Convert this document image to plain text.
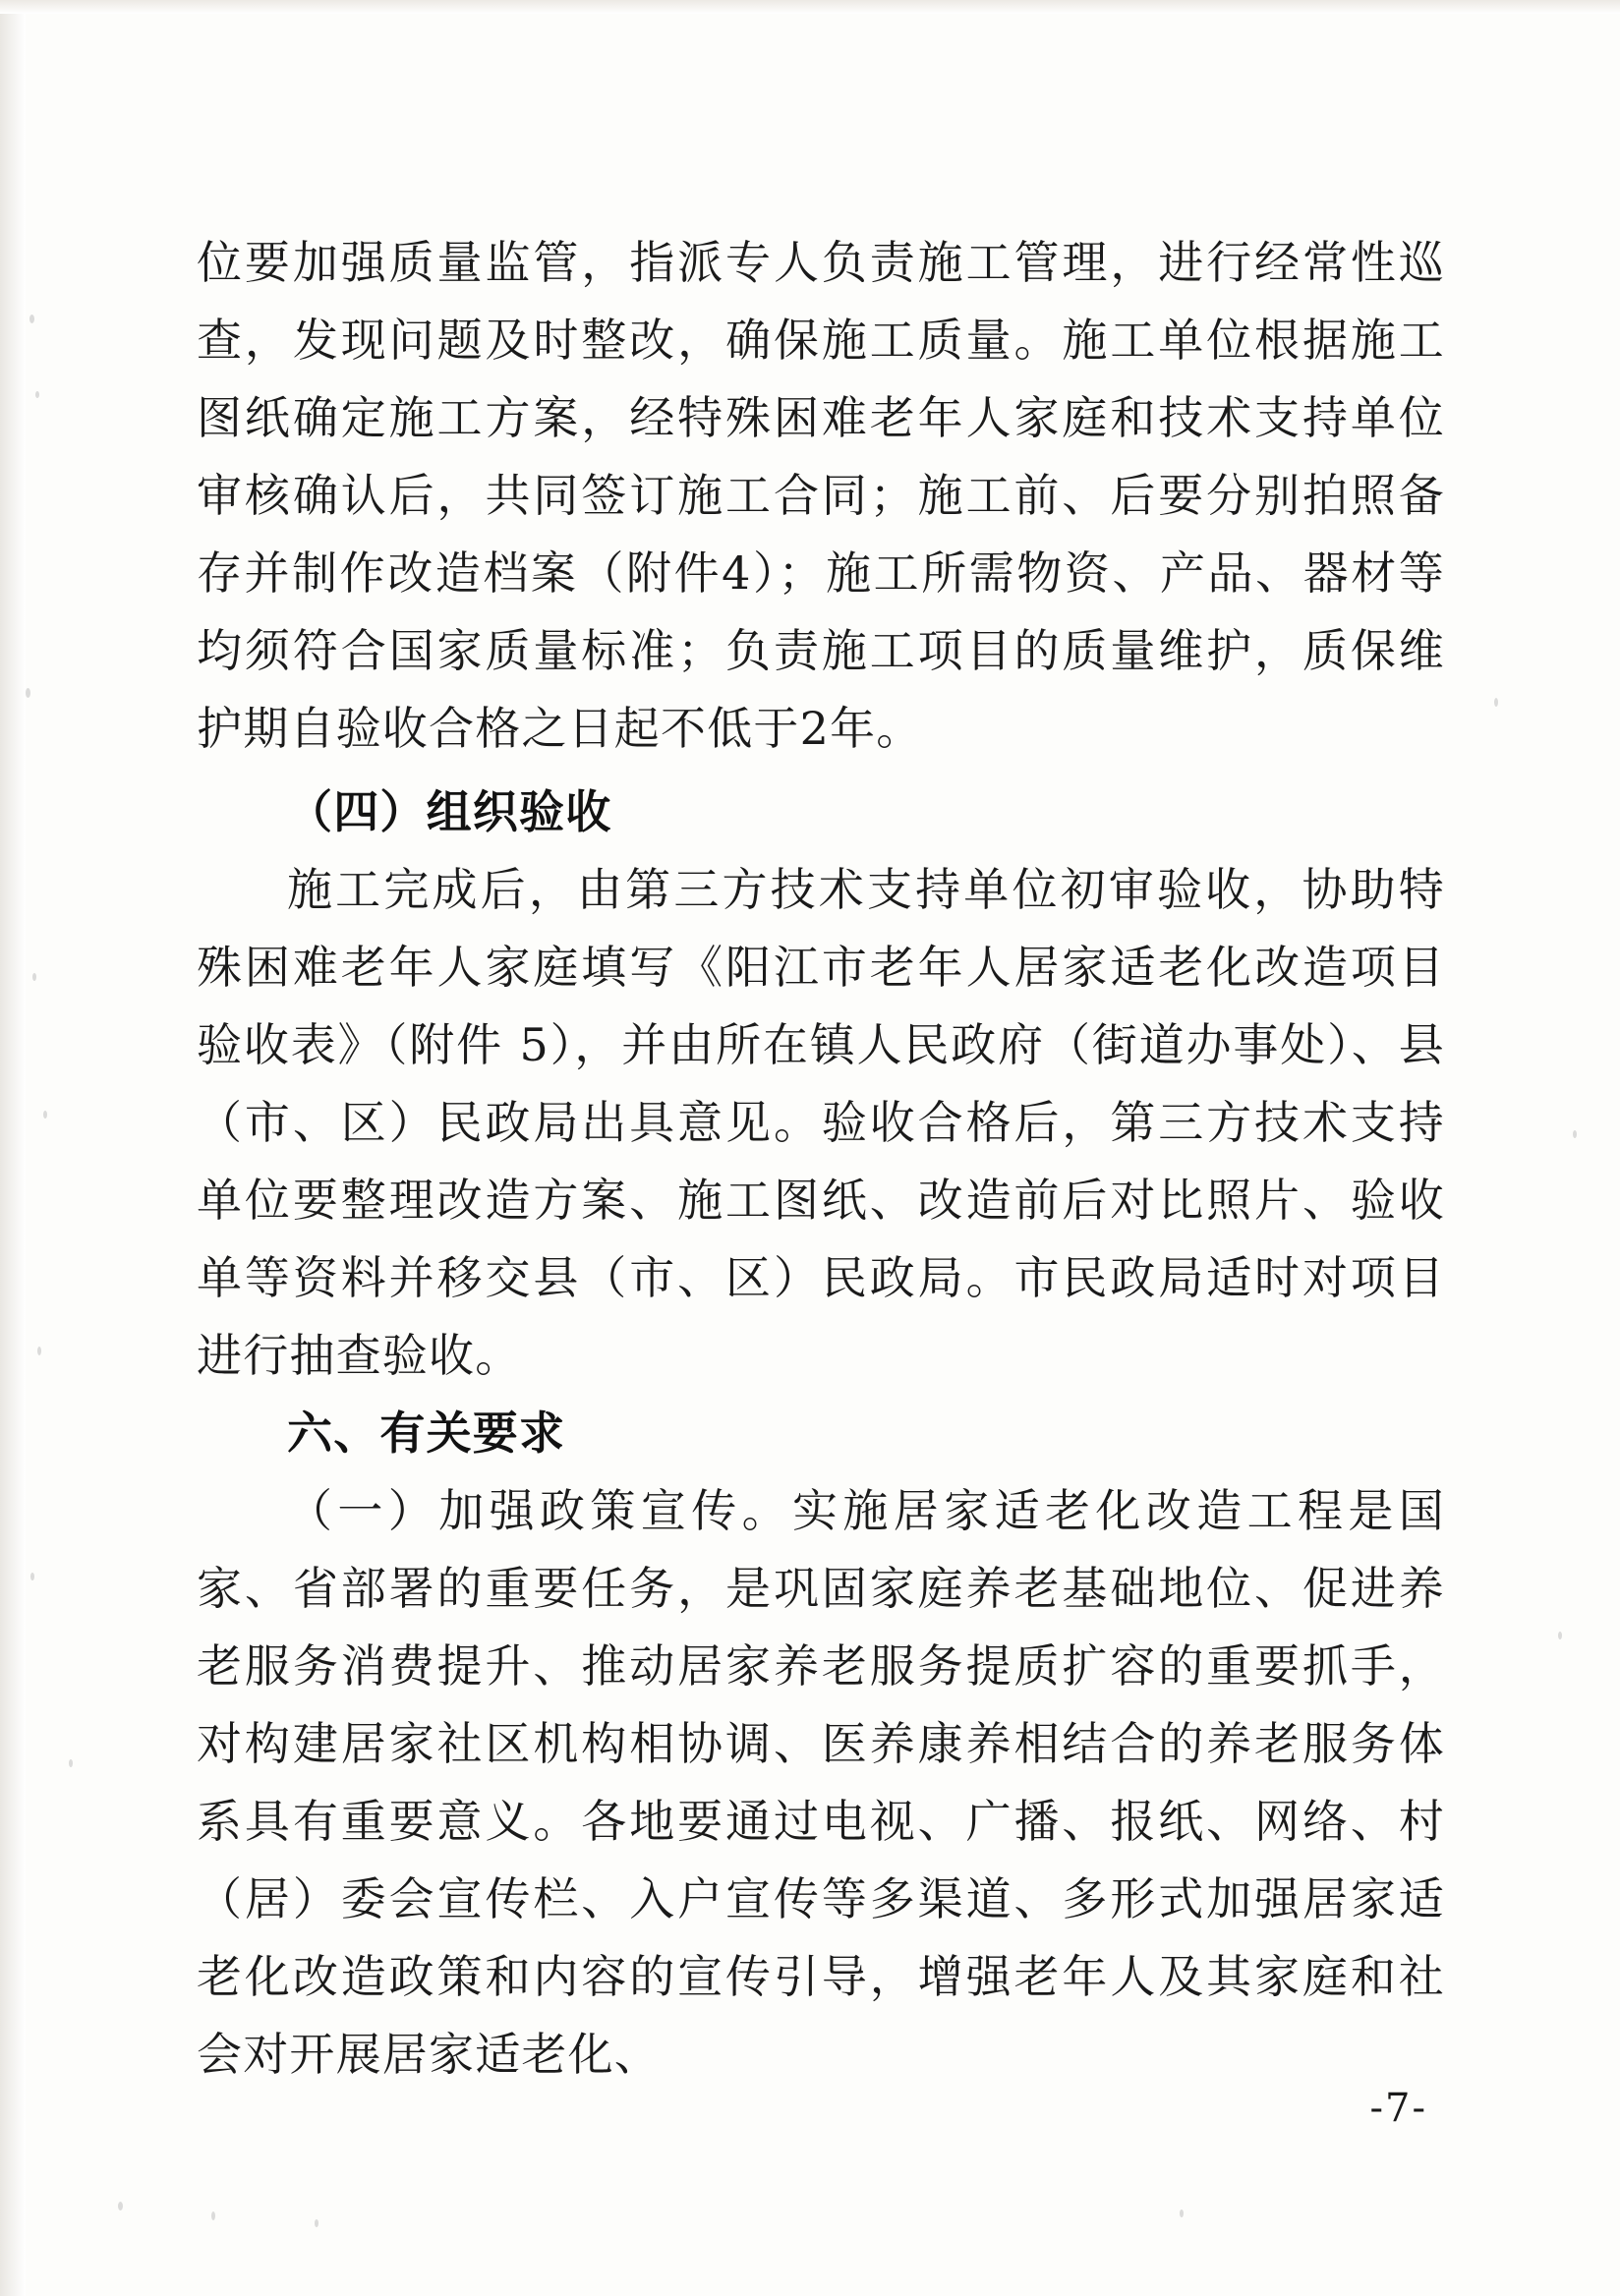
位要加强质量监管，指派专人负责施工管理，进行经常性巡查，发现问题及时整改，确保施工质量。施工单位根据施工图纸确定施工方案，经特殊困难老年人家庭和技术支持单位审核确认后，共同签订施工合同；施工前、后要分别拍照备存并制作改造档案（附件4）；施工所需物资、产品、器材等均须符合国家质量标准；负责施工项目的质量维护，质保维护期自验收合格之日起不低于2年。

（四）组织验收

施工完成后，由第三方技术支持单位初审验收，协助特殊困难老年人家庭填写《阳江市老年人居家适老化改造项目验收表》（附件 5），并由所在镇人民政府（街道办事处）、县（市、区）民政局出具意见。验收合格后，第三方技术支持单位要整理改造方案、施工图纸、改造前后对比照片、验收单等资料并移交县（市、区）民政局。市民政局适时对项目进行抽查验收。

六、有关要求

（一）加强政策宣传。实施居家适老化改造工程是国家、省部署的重要任务，是巩固家庭养老基础地位、促进养老服务消费提升、推动居家养老服务提质扩容的重要抓手，对构建居家社区机构相协调、医养康养相结合的养老服务体系具有重要意义。各地要通过电视、广播、报纸、网络、村（居）委会宣传栏、入户宣传等多渠道、多形式加强居家适老化改造政策和内容的宣传引导，增强老年人及其家庭和社会对开展居家适老化、

-7-
